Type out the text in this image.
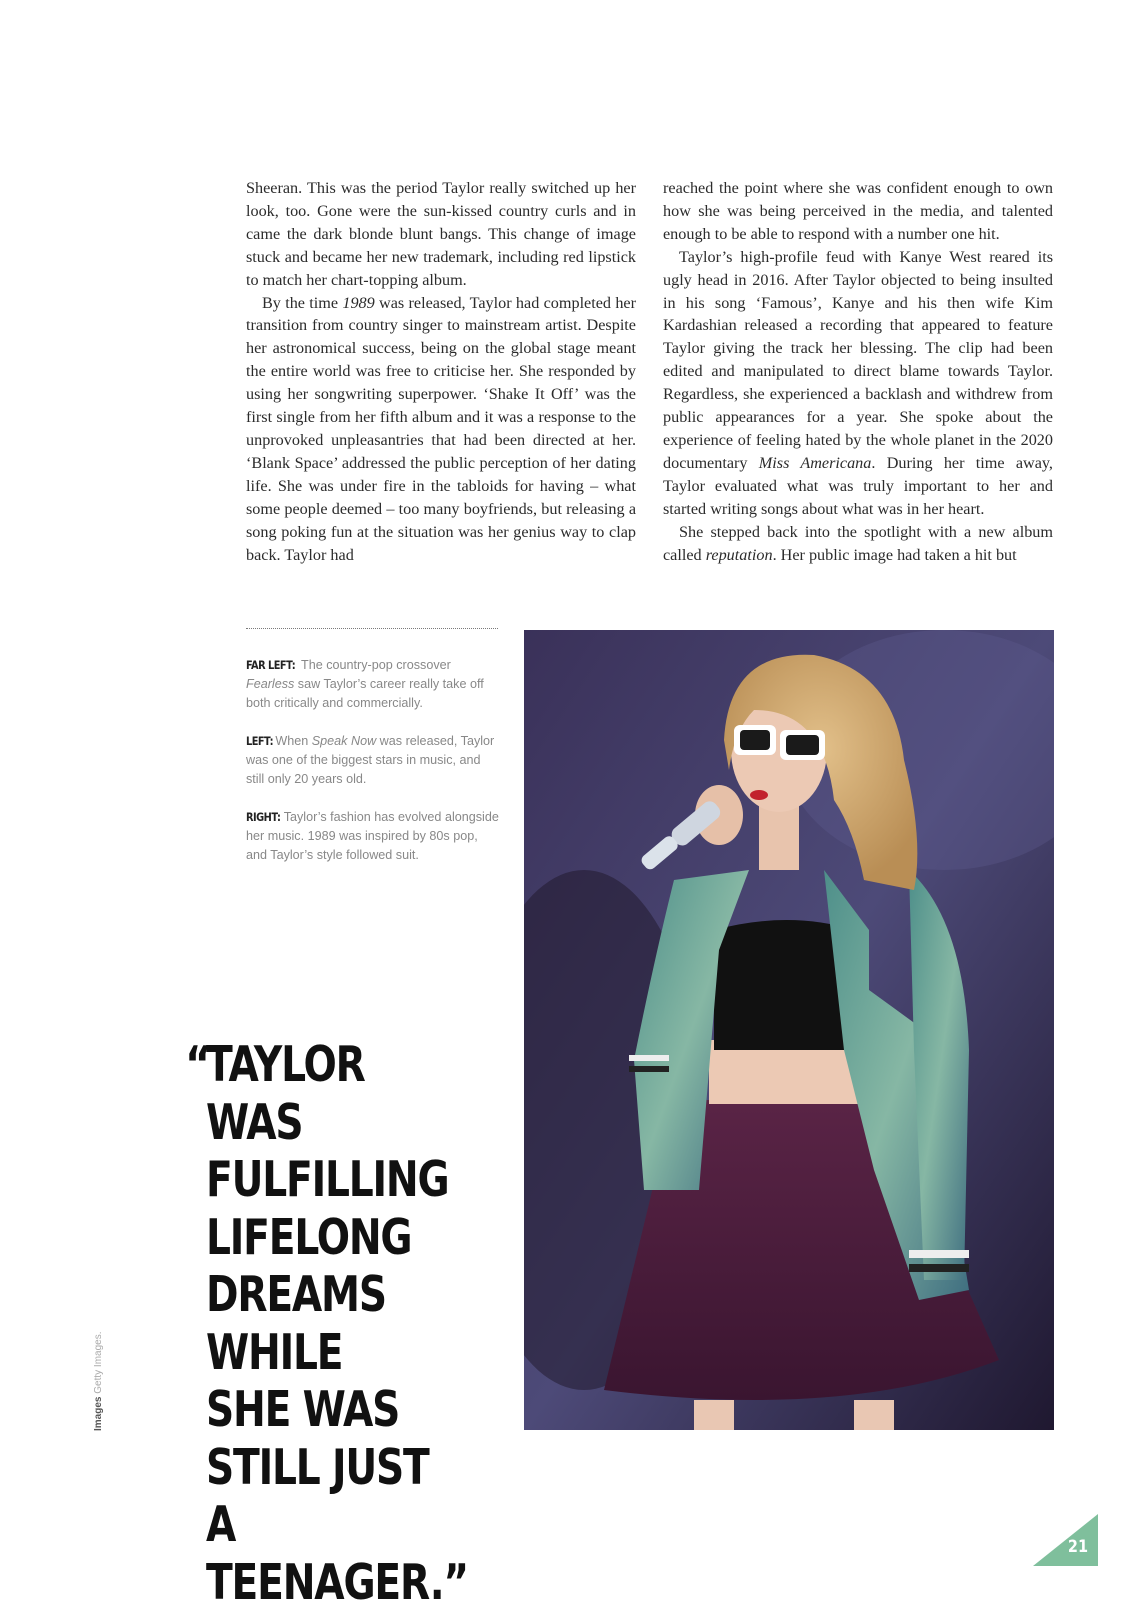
Sheeran. This was the period Taylor really switched up her look, too. Gone were the sun-kissed country curls and in came the dark blonde blunt bangs. This change of image stuck and became her new trademark, including red lipstick to match her chart-topping album.

By the time 1989 was released, Taylor had completed her transition from country singer to mainstream artist. Despite her astronomical success, being on the global stage meant the entire world was free to criticise her. She responded by using her songwriting superpower. ‘Shake It Off’ was the first single from her fifth album and it was a response to the unprovoked unpleasantries that had been directed at her. ‘Blank Space’ addressed the public perception of her dating life. She was under fire in the tabloids for having – what some people deemed – too many boyfriends, but releasing a song poking fun at the situation was her genius way to clap back. Taylor had

reached the point where she was confident enough to own how she was being perceived in the media, and talented enough to be able to respond with a number one hit.

Taylor’s high-profile feud with Kanye West reared its ugly head in 2016. After Taylor objected to being insulted in his song ‘Famous’, Kanye and his then wife Kim Kardashian released a recording that appeared to feature Taylor giving the track her blessing. The clip had been edited and manipulated to direct blame towards Taylor. Regardless, she experienced a backlash and withdrew from public appearances for a year. She spoke about the experience of feeling hated by the whole planet in the 2020 documentary Miss Americana. During her time away, Taylor evaluated what was truly important to her and started writing songs about what was in her heart.

She stepped back into the spotlight with a new album called reputation. Her public image had taken a hit but

FAR LEFT: The country-pop crossover Fearless saw Taylor’s career really take off both critically and commercially.

LEFT: When Speak Now was released, Taylor was one of the biggest stars in music, and still only 20 years old.

RIGHT: Taylor’s fashion has evolved alongside her music. 1989 was inspired by 80s pop, and Taylor’s style followed suit.

“
TAYLOR WAS
FULFILLING
LIFELONG
DREAMS WHILE
SHE WAS
STILL JUST A
TEENAGER.”
Images Getty Images.
21
